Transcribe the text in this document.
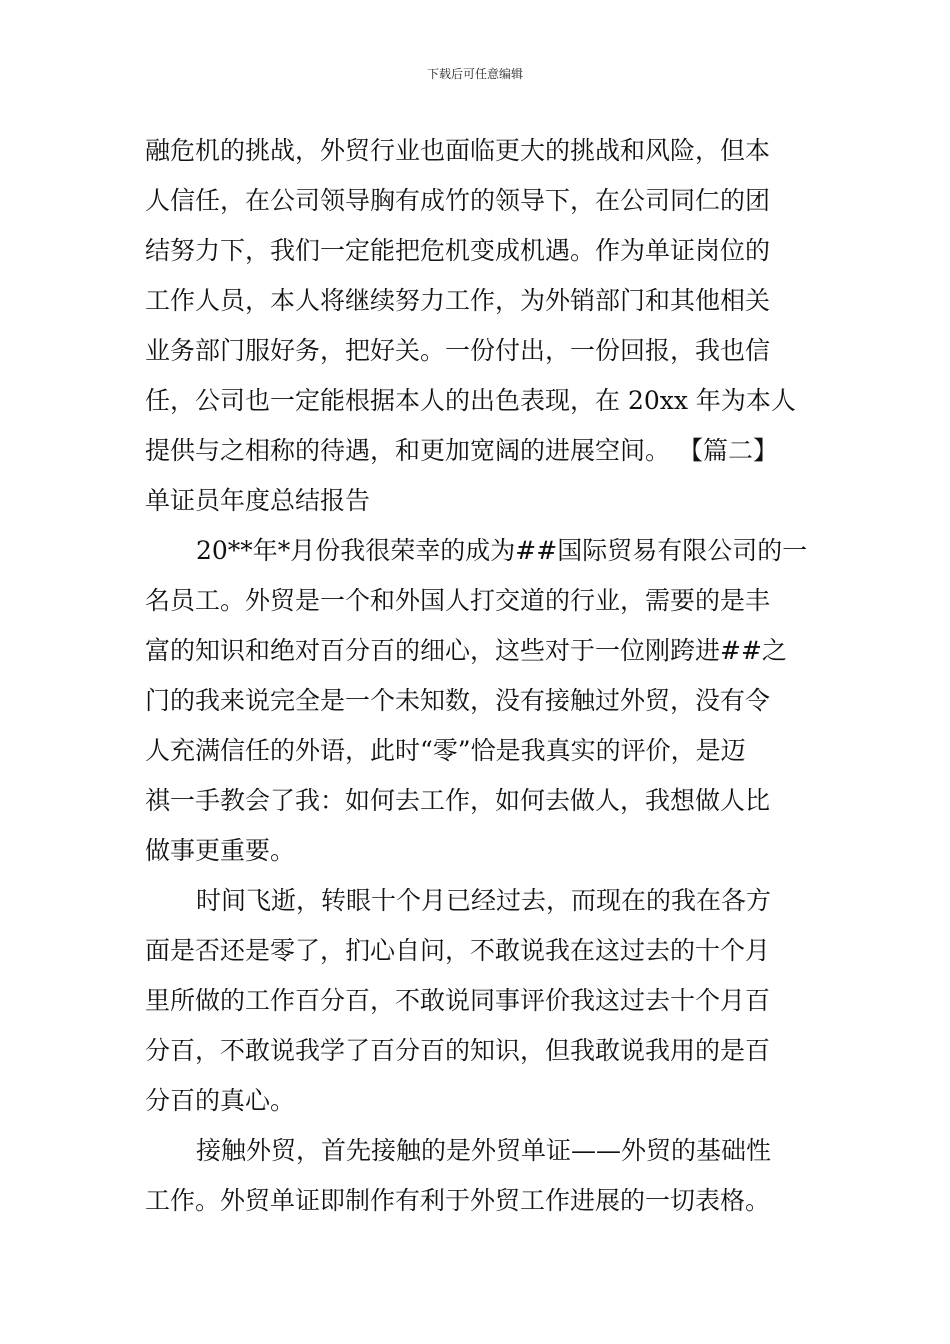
下载后可任意编辑
融危机的挑战，外贸行业也面临更大的挑战和风险，但本
人信任，在公司领导胸有成竹的领导下，在公司同仁的团
结努力下，我们一定能把危机变成机遇。作为单证岗位的
工作人员，本人将继续努力工作，为外销部门和其他相关
业务部门服好务，把好关。一份付出，一份回报，我也信
任，公司也一定能根据本人的出色表现，在 20xx 年为本人
提供与之相称的待遇，和更加宽阔的进展空间。 【篇二】
单证员年度总结报告
20**年*月份我很荣幸的成为##国际贸易有限公司的一
名员工。外贸是一个和外国人打交道的行业，需要的是丰
富的知识和绝对百分百的细心，这些对于一位刚跨进##之
门的我来说完全是一个未知数，没有接触过外贸，没有令
人充满信任的外语，此时“零”恰是我真实的评价，是迈
祺一手教会了我：如何去工作，如何去做人，我想做人比
做事更重要。
时间飞逝，转眼十个月已经过去，而现在的我在各方
面是否还是零了，扪心自问，不敢说我在这过去的十个月
里所做的工作百分百，不敢说同事评价我这过去十个月百
分百，不敢说我学了百分百的知识，但我敢说我用的是百
分百的真心。
接触外贸，首先接触的是外贸单证——外贸的基础性
工作。外贸单证即制作有利于外贸工作进展的一切表格。
